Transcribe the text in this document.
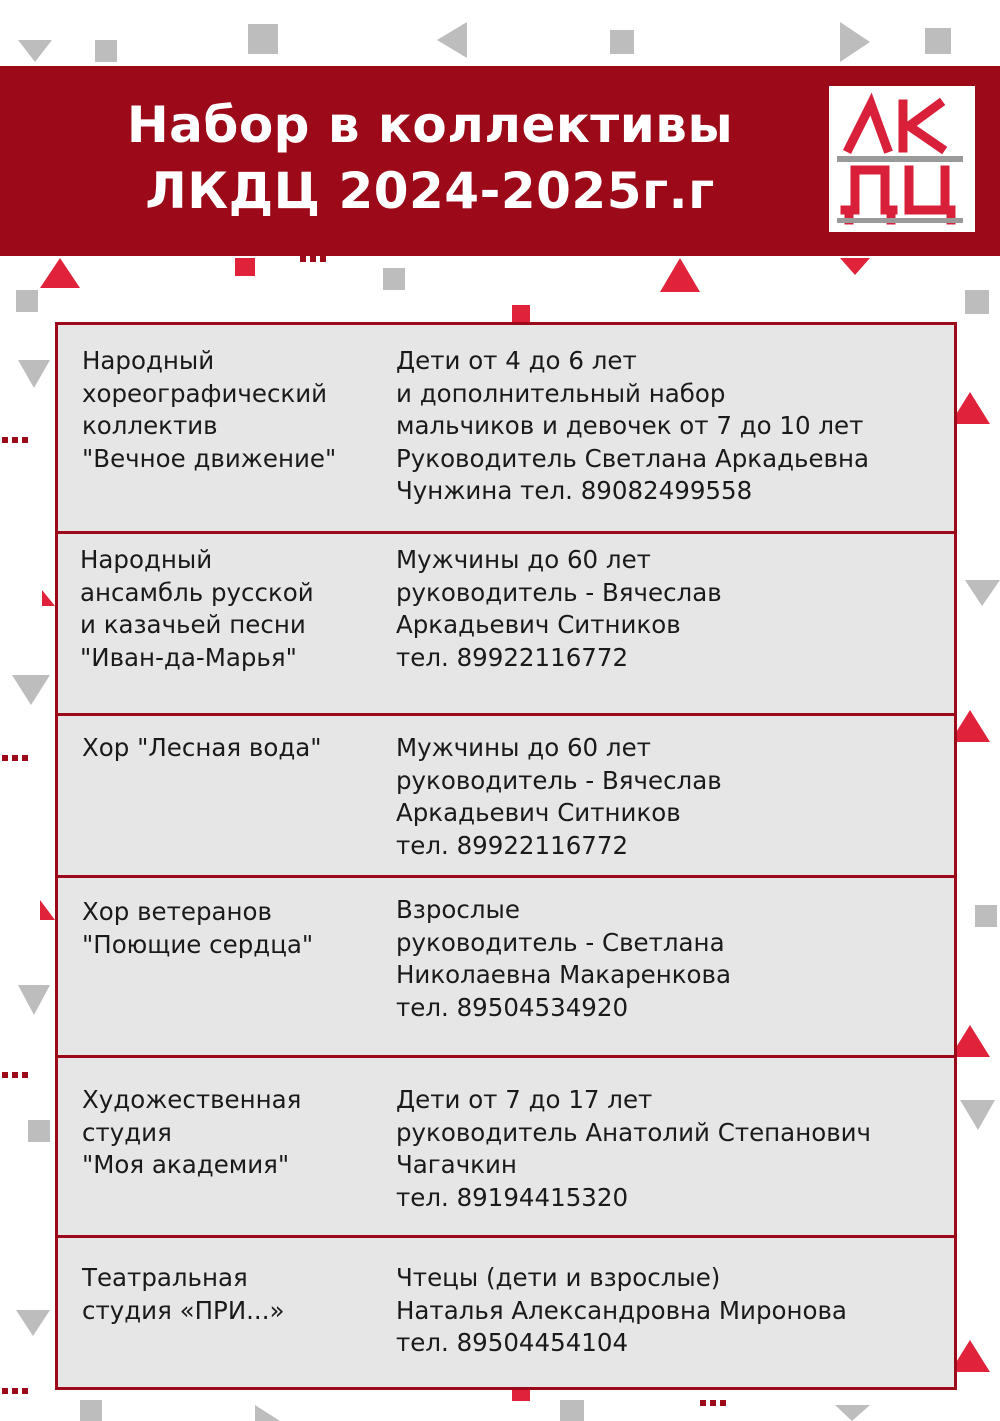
Набор в коллективы
ЛКДЦ 2024-2025г.г
Народный
хореографический
коллектив
"Вечное движение"
Дети от 4 до 6 лет
и дополнительный набор
мальчиков и девочек от 7 до 10 лет
Руководитель Светлана Аркадьевна
Чунжина тел. 89082499558
Народный
ансамбль русской
и казачьей песни
"Иван-да-Марья"
Мужчины до 60 лет
руководитель - Вячеслав
Аркадьевич Ситников
тел. 89922116772
Хор "Лесная вода"	Мужчины до 60 лет
руководитель - Вячеслав
Аркадьевич Ситников
тел. 89922116772
Хор ветеранов
"Поющие сердца"
Взрослые
руководитель - Светлана
Николаевна Макаренкова
тел. 89504534920
Художественная
студия
"Моя академия"
Дети от 7 до 17 лет
руководитель Анатолий Степанович
Чагачкин
тел. 89194415320
Театральная
студия «ПРИ...»
Чтецы (дети и взрослые)
Наталья Александровна Миронова
тел. 89504454104
